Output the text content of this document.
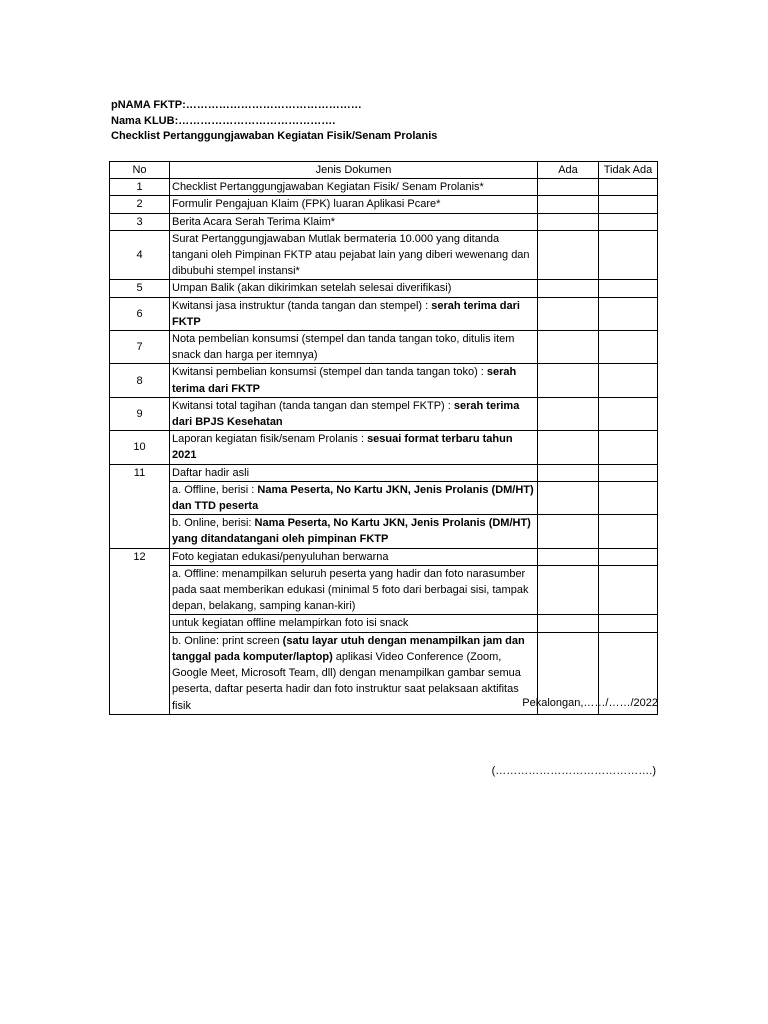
pNAMA FKTP:…………………………………………
Nama KLUB:…………………………………….
Checklist Pertanggungjawaban Kegiatan Fisik/Senam Prolanis
No	Jenis Dokumen	Ada	Tidak Ada
1	Checklist Pertanggungjawaban Kegiatan Fisik/ Senam Prolanis*		
2	Formulir Pengajuan Klaim (FPK) luaran Aplikasi Pcare*		
3	Berita Acara Serah Terima Klaim*		
4	Surat Pertanggungjawaban Mutlak bermateria 10.000 yang ditanda tangani oleh Pimpinan FKTP atau pejabat lain yang diberi wewenang dan dibubuhi stempel instansi*		
5	Umpan Balik (akan dikirimkan setelah selesai diverifikasi)		
6	Kwitansi jasa instruktur (tanda tangan dan stempel) : serah terima dari FKTP		
7	Nota pembelian konsumsi (stempel dan tanda tangan toko, ditulis item snack dan harga per itemnya)		
8	Kwitansi pembelian konsumsi (stempel dan tanda tangan toko) : serah terima dari FKTP		
9	Kwitansi total tagihan (tanda tangan dan stempel FKTP) : serah terima dari BPJS Kesehatan		
10	Laporan kegiatan fisik/senam Prolanis : sesuai format terbaru tahun 2021		
11	Daftar hadir asli		
	a. Offline, berisi : Nama Peserta, No Kartu JKN, Jenis Prolanis (DM/HT) dan TTD peserta		
	b. Online, berisi: Nama Peserta, No Kartu JKN, Jenis Prolanis (DM/HT) yang ditandatangani oleh pimpinan FKTP		
12	Foto kegiatan edukasi/penyuluhan berwarna		
	a. Offline: menampilkan seluruh peserta yang hadir dan foto narasumber pada saat memberikan edukasi (minimal 5 foto dari berbagai sisi, tampak depan, belakang, samping kanan-kiri)		
	untuk kegiatan offline melampirkan foto isi snack		
	b. Online: print screen (satu layar utuh dengan menampilkan jam dan tanggal pada komputer/laptop) aplikasi Video Conference (Zoom, Google Meet, Microsoft Team, dll) dengan menampilkan gambar semua peserta, daftar peserta hadir dan foto instruktur saat pelaksaan aktifitas fisik			Pekalongan,……/……/2022
(…………………………………….)
